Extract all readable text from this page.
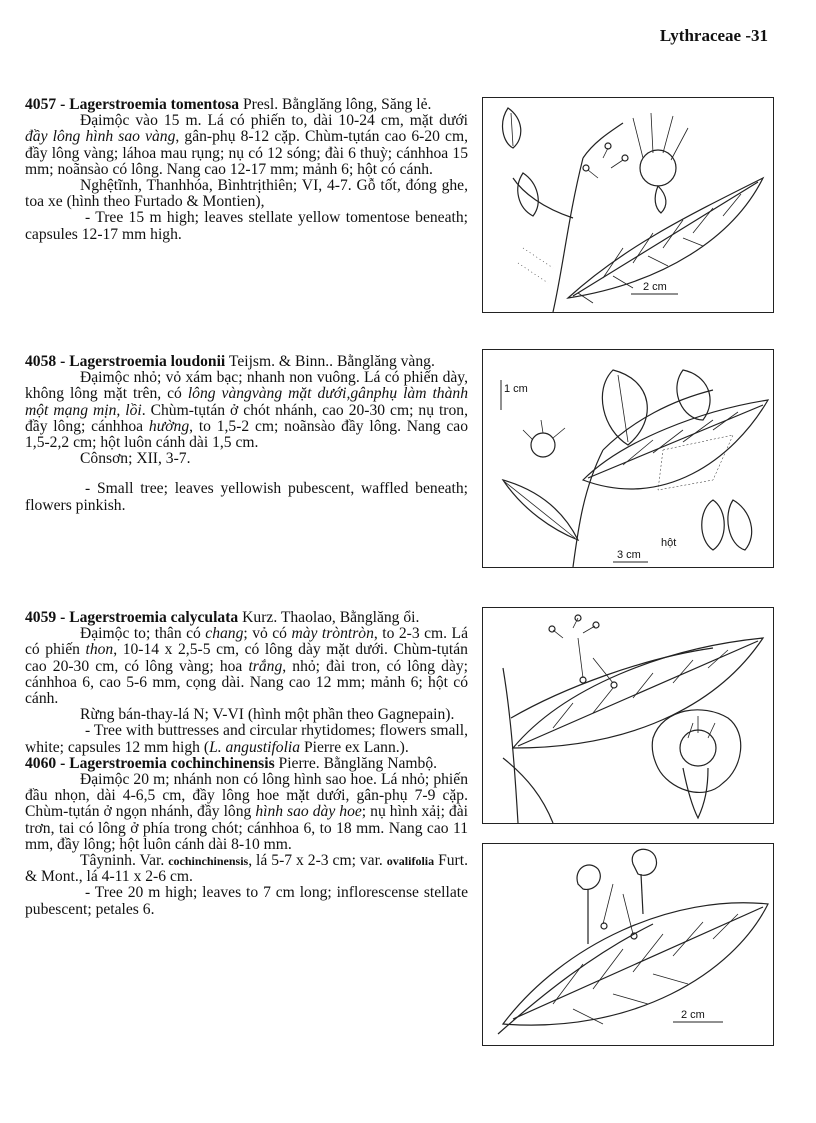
Lythraceae -31

4057 - Lagerstroemia tomentosa Presl. Bằnglăng lông, Săng lẻ.

Đạimộc vào 15 m. Lá có phiến to, dài 10-24 cm, mặt dưới đầy lông hình sao vàng, gân-phụ 8-12 cặp. Chùm-tụtán cao 6-20 cm, đầy lông vàng; láhoa mau rụng; nụ có 12 sóng; đài 6 thuỳ; cánhhoa 15 mm; noãnsào có lông. Nang cao 12-17 mm; mảnh 6; hột có cánh.

Nghệtĩnh, Thanhhóa, Bìnhtrịthiên; VI, 4-7. Gỗ tốt, đóng ghe, toa xe (hình theo Furtado & Montien),

- Tree 15 m high; leaves stellate yellow tomentose beneath; capsules 12-17 mm high.

4058 - Lagerstroemia loudonii Teijsm. & Binn.. Bằnglăng vàng.

Đạimộc nhỏ; vỏ xám bạc; nhanh non vuông. Lá có phiến dày, không lông mặt trên, có lông vàngvàng mặt dưới,gânphụ làm thành một mạng mịn, lồi. Chùm-tụtán ở chót nhánh, cao 20-30 cm; nụ tron, đầy lông; cánhhoa hường, to 1,5-2 cm; noãnsào đầy lông. Nang cao 1,5-2,2 cm; hột luôn cánh dài 1,5 cm.

Cônsơn; XII, 3-7.

- Small tree; leaves yellowish pubescent, waffled beneath; flowers pinkish.

4059 - Lagerstroemia calyculata Kurz. Thaolao, Bằnglăng ổi.

Đạimộc to; thân có chang; vỏ có mày tròntròn, to 2-3 cm. Lá có phiến thon, 10-14 x 2,5-5 cm, có lông dày mặt dưới. Chùm-tụtán cao 20-30 cm, có lông vàng; hoa trắng, nhỏ; đài tron, có lông dày; cánhhoa 6, cao 5-6 mm, cọng dài. Nang cao 12 mm; mảnh 6; hột có cánh.

Rừng bán-thay-lá N; V-VI (hình một phần theo Gagnepain).

- Tree with buttresses and circular rhytidomes; flowers small, white; capsules 12 mm high (L. angustifolia Pierre ex Lann.).

4060 - Lagerstroemia cochinchinensis Pierre. Bằnglăng Nambộ.

Đạimộc 20 m; nhánh non có lông hình sao hoe. Lá nhỏ; phiến đầu nhọn, dài 4-6,5 cm, đầy lông hoe mặt dưới, gân-phụ 7-9 cặp. Chùm-tụtán ở ngọn nhánh, đầy lông hình sao dày hoe; nụ hình xảị; đài trơn, tai có lông ở phía trong chót; cánhhoa 6, to 18 mm. Nang cao 11 mm, đầy lông; hột luôn cánh dài 8-10 mm.

Tâyninh. Var. cochinchinensis, lá 5-7 x 2-3 cm; var. ovalifolia Furt. & Mont., lá 4-11 x 2-6 cm.

- Tree 20 m high; leaves to 7 cm long; inflorescense stellate pubescent; petales 6.

2 cm
1 cm
3 cm
hột
2 cm
